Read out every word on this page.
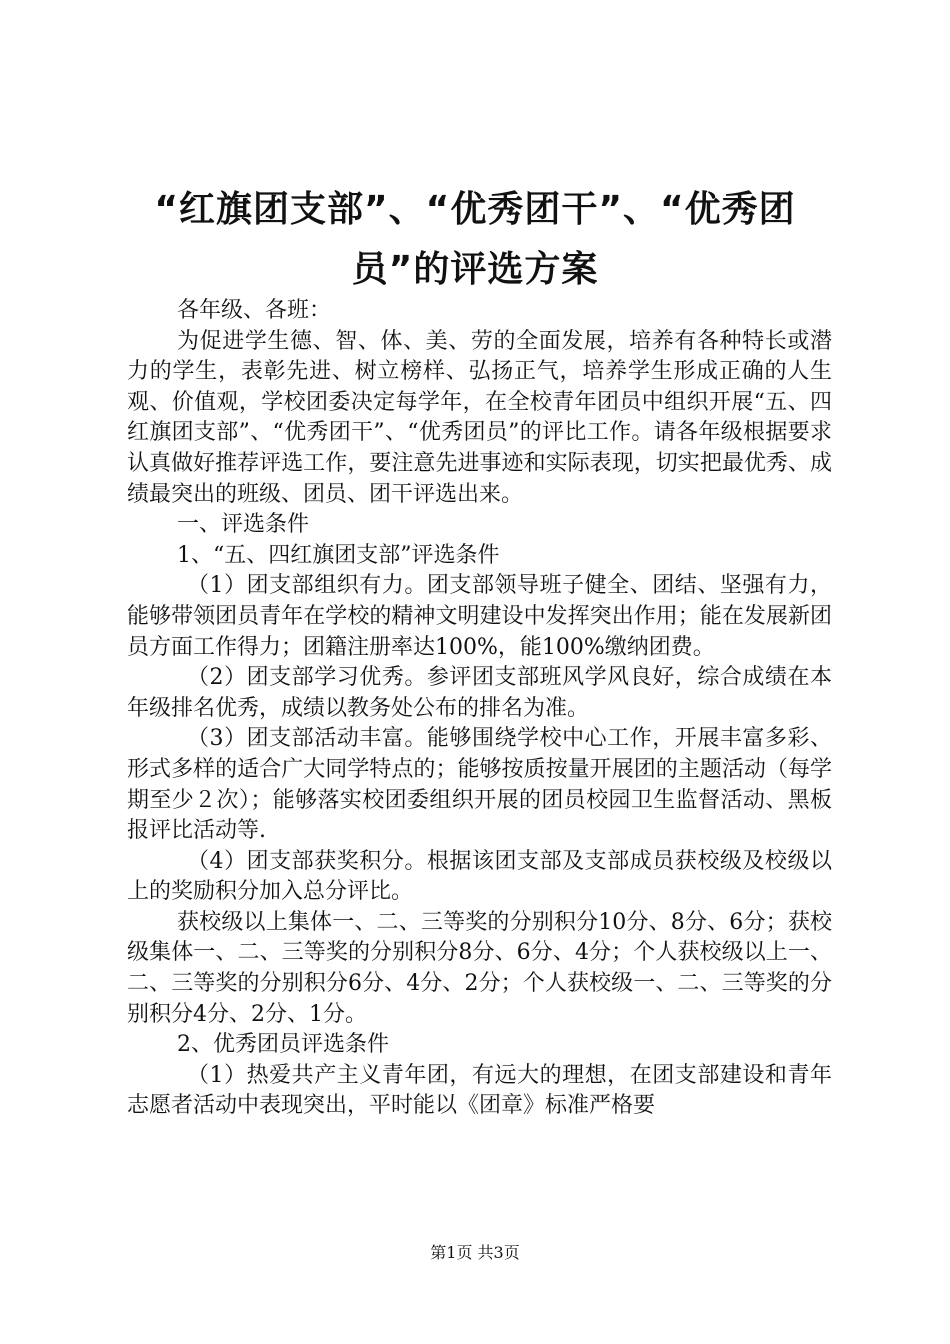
“红旗团支部”、“优秀团干”、“优秀团
员”的评选方案

各年级、各班：

为促进学生德、智、体、美、劳的全面发展，培养有各种特长或潜力的学生，表彰先进、树立榜样、弘扬正气，培养学生形成正确的人生观、价值观，学校团委决定每学年，在全校青年团员中组织开展“五、四红旗团支部”、“优秀团干”、“优秀团员”的评比工作。请各年级根据要求认真做好推荐评选工作，要注意先进事迹和实际表现，切实把最优秀、成绩最突出的班级、团员、团干评选出来。

一、评选条件

1、“五、四红旗团支部”评选条件

（1）团支部组织有力。团支部领导班子健全、团结、坚强有力，能够带领团员青年在学校的精神文明建设中发挥突出作用；能在发展新团员方面工作得力；团籍注册率达100%，能100%缴纳团费。

（2）团支部学习优秀。参评团支部班风学风良好，综合成绩在本年级排名优秀，成绩以教务处公布的排名为准。

（3）团支部活动丰富。能够围绕学校中心工作，开展丰富多彩、形式多样的适合广大同学特点的；能够按质按量开展团的主题活动（每学期至少２次）；能够落实校团委组织开展的团员校园卫生监督活动、黑板报评比活动等.

（4）团支部获奖积分。根据该团支部及支部成员获校级及校级以上的奖励积分加入总分评比。

获校级以上集体一、二、三等奖的分别积分10分、8分、6分；获校级集体一、二、三等奖的分别积分8分、6分、4分；个人获校级以上一、二、三等奖的分别积分6分、4分、2分；个人获校级一、二、三等奖的分别积分4分、2分、1分。

2、优秀团员评选条件

（1）热爱共产主义青年团，有远大的理想，在团支部建设和青年志愿者活动中表现突出，平时能以《团章》标准严格要

第1页 共3页
